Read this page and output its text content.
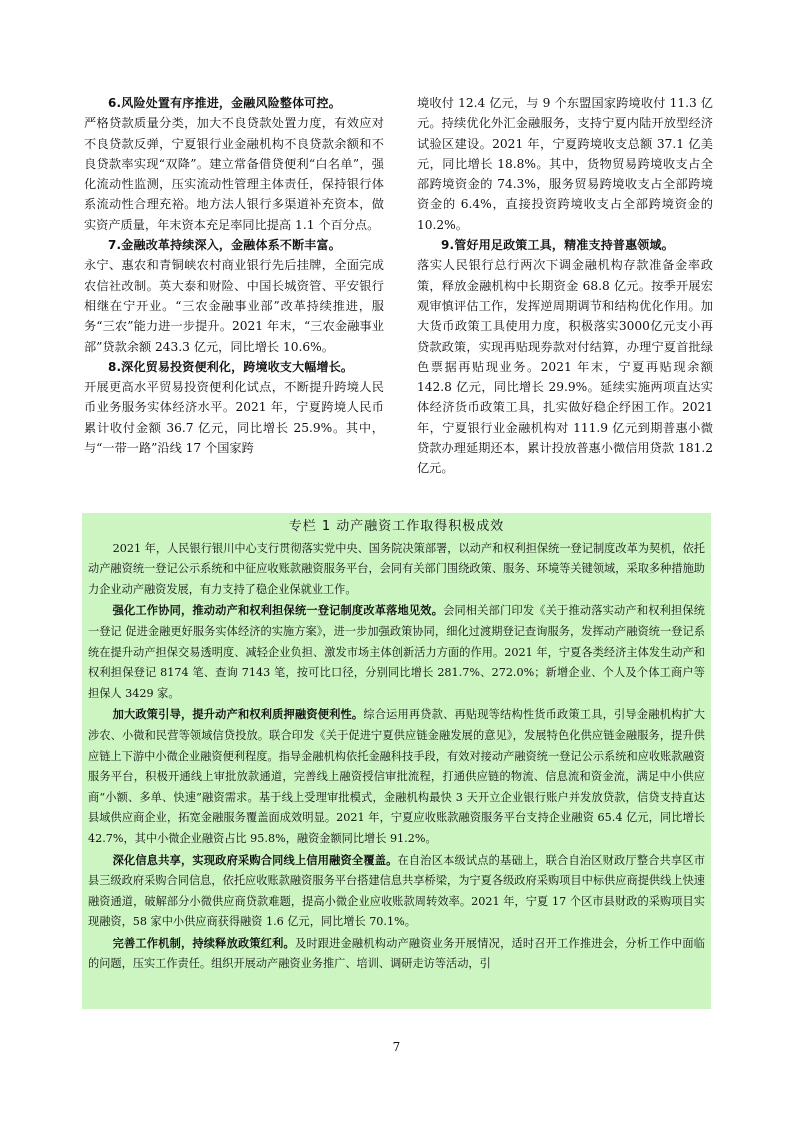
6.风险处置有序推进，金融风险整体可控。

严格贷款质量分类，加大不良贷款处置力度，有效应对不良贷款反弹，宁夏银行业金融机构不良贷款余额和不良贷款率实现“双降”。建立常备借贷便利“白名单”，强化流动性监测，压实流动性管理主体责任，保持银行体系流动性合理充裕。地方法人银行多渠道补充资本，做实资产质量，年末资本充足率同比提高 1.1 个百分点。

7.金融改革持续深入，金融体系不断丰富。

永宁、惠农和青铜峡农村商业银行先后挂牌，全面完成农信社改制。英大泰和财险、中国长城资管、平安银行相继在宁开业。“三农金融事业部”改革持续推进，服务“三农”能力进一步提升。2021 年末，“三农金融事业部”贷款余额 243.3 亿元，同比增长 10.6%。

8.深化贸易投资便利化，跨境收支大幅增长。

开展更高水平贸易投资便利化试点，不断提升跨境人民币业务服务实体经济水平。2021 年，宁夏跨境人民币累计收付金额 36.7 亿元，同比增长 25.9%。其中，与“一带一路”沿线 17 个国家跨

境收付 12.4 亿元，与 9 个东盟国家跨境收付 11.3 亿元。持续优化外汇金融服务，支持宁夏内陆开放型经济试验区建设。2021 年，宁夏跨境收支总额 37.1 亿美元，同比增长 18.8%。其中，货物贸易跨境收支占全部跨境资金的 74.3%，服务贸易跨境收支占全部跨境资金的 6.4%，直接投资跨境收支占全部跨境资金的 10.2%。

9.管好用足政策工具，精准支持普惠领域。

落实人民银行总行两次下调金融机构存款准备金率政策，释放金融机构中长期资金 68.8 亿元。按季开展宏观审慎评估工作，发挥逆周期调节和结构优化作用。加大货币政策工具使用力度，积极落实3000亿元支小再贷款政策，实现再贴现券款对付结算，办理宁夏首批绿色票据再贴现业务。2021 年末，宁夏再贴现余额 142.8 亿元，同比增长 29.9%。延续实施两项直达实体经济货币政策工具，扎实做好稳企纾困工作。2021 年，宁夏银行业金融机构对 111.9 亿元到期普惠小微贷款办理延期还本，累计投放普惠小微信用贷款 181.2 亿元。

专栏 1 动产融资工作取得积极成效

2021 年，人民银行银川中心支行贯彻落实党中央、国务院决策部署，以动产和权利担保统一登记制度改革为契机，依托动产融资统一登记公示系统和中征应收账款融资服务平台，会同有关部门围绕政策、服务、环境等关键领域，采取多种措施助力企业动产融资发展，有力支持了稳企业保就业工作。

强化工作协同，推动动产和权利担保统一登记制度改革落地见效。会同相关部门印发《关于推动落实动产和权利担保统一登记 促进金融更好服务实体经济的实施方案》，进一步加强政策协同，细化过渡期登记查询服务，发挥动产融资统一登记系统在提升动产担保交易透明度、减轻企业负担、激发市场主体创新活力方面的作用。2021 年，宁夏各类经济主体发生动产和权利担保登记 8174 笔、查询 7143 笔，按可比口径，分别同比增长 281.7%、272.0%；新增企业、个人及个体工商户等担保人 3429 家。

加大政策引导，提升动产和权利质押融资便利性。综合运用再贷款、再贴现等结构性货币政策工具，引导金融机构扩大涉农、小微和民营等领域信贷投放。联合印发《关于促进宁夏供应链金融发展的意见》，发展特色化供应链金融服务，提升供应链上下游中小微企业融资便利程度。指导金融机构依托金融科技手段，有效对接动产融资统一登记公示系统和应收账款融资服务平台，积极开通线上审批放款通道，完善线上融资授信审批流程，打通供应链的物流、信息流和资金流，满足中小供应商“小额、多单、快速”融资需求。基于线上受理审批模式，金融机构最快 3 天开立企业银行账户并发放贷款，信贷支持直达县域供应商企业，拓宽金融服务覆盖面成效明显。2021 年，宁夏应收账款融资服务平台支持企业融资 65.4 亿元，同比增长 42.7%，其中小微企业融资占比 95.8%，融资金额同比增长 91.2%。

深化信息共享，实现政府采购合同线上信用融资全覆盖。在自治区本级试点的基础上，联合自治区财政厅整合共享区市县三级政府采购合同信息，依托应收账款融资服务平台搭建信息共享桥梁，为宁夏各级政府采购项目中标供应商提供线上快速融资通道，破解部分小微供应商贷款难题，提高小微企业应收账款周转效率。2021 年，宁夏 17 个区市县财政的采购项目实现融资，58 家中小供应商获得融资 1.6 亿元，同比增长 70.1%。

完善工作机制，持续释放政策红利。及时跟进金融机构动产融资业务开展情况，适时召开工作推进会，分析工作中面临的问题，压实工作责任。组织开展动产融资业务推广、培训、调研走访等活动，引

7
